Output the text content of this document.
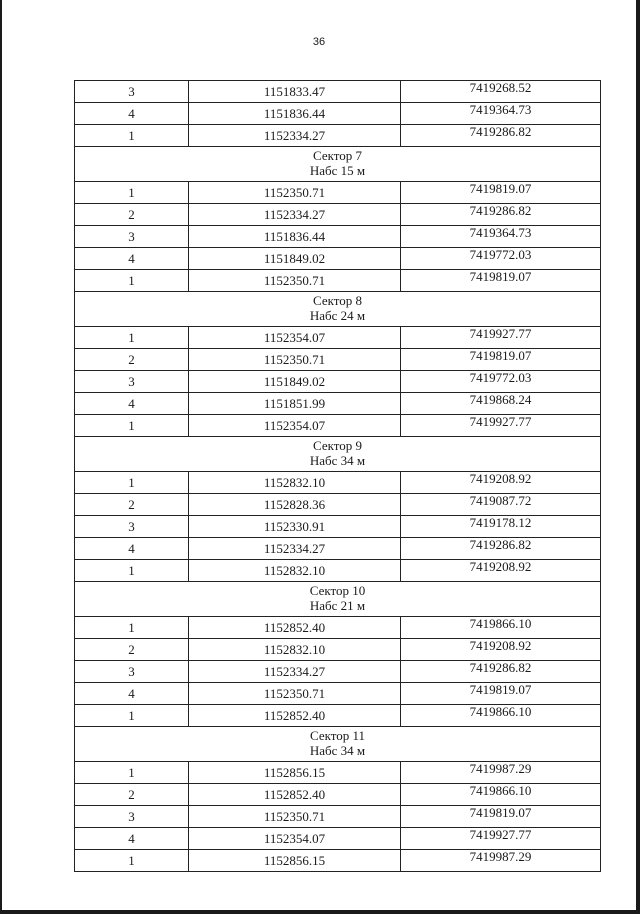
36
3	1151833.47	7419268.52
4	1151836.44	7419364.73
1	1152334.27	7419286.82

Сектор 7
Набс 15 м		

1	1152350.71	7419819.07
2	1152334.27	7419286.82
3	1151836.44	7419364.73
4	1151849.02	7419772.03
1	1152350.71	7419819.07

Сектор 8
Набс 24 м		

1	1152354.07	7419927.77
2	1152350.71	7419819.07
3	1151849.02	7419772.03
4	1151851.99	7419868.24
1	1152354.07	7419927.77

Сектор 9
Набс 34 м		

1	1152832.10	7419208.92
2	1152828.36	7419087.72
3	1152330.91	7419178.12
4	1152334.27	7419286.82
1	1152832.10	7419208.92

Сектор 10
Набс 21 м		

1	1152852.40	7419866.10
2	1152832.10	7419208.92
3	1152334.27	7419286.82
4	1152350.71	7419819.07
1	1152852.40	7419866.10

Сектор 11
Набс 34 м		

1	1152856.15	7419987.29
2	1152852.40	7419866.10
3	1152350.71	7419819.07
4	1152354.07	7419927.77
1	1152856.15	7419987.29
